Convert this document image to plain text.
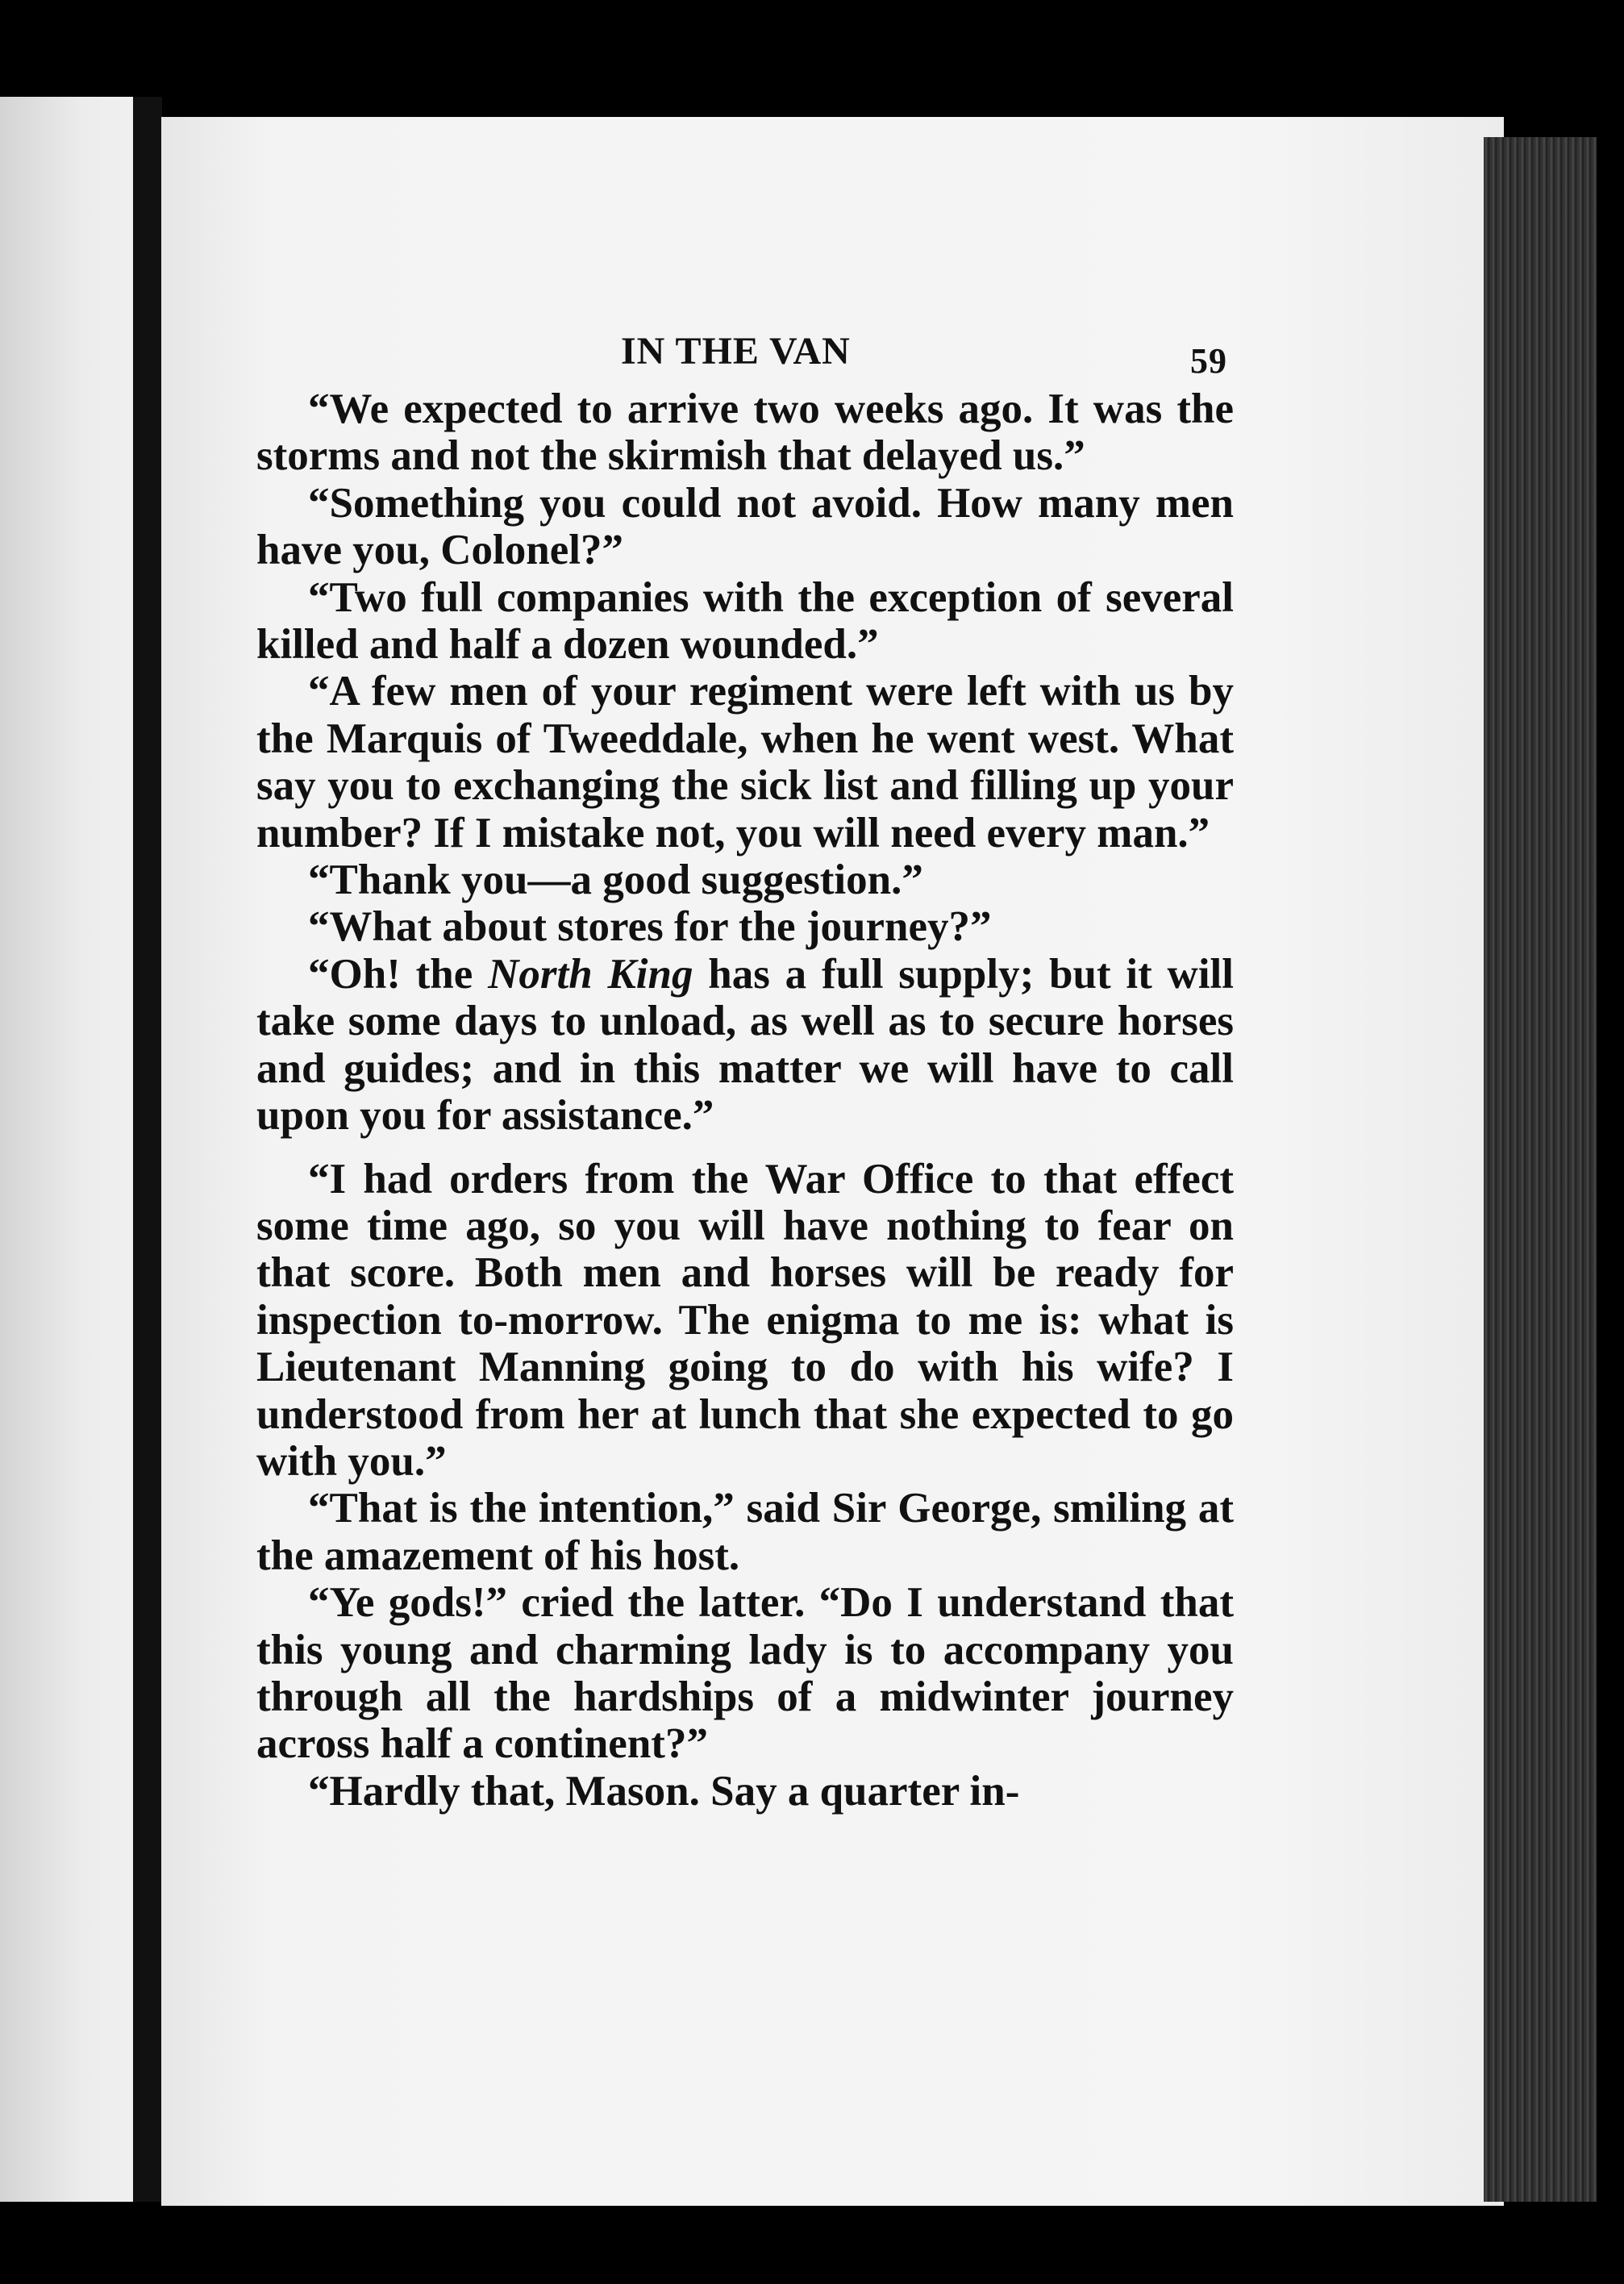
IN THE VAN	59

“We expected to arrive two weeks ago. It was the storms and not the skirmish that delayed us.”

“Something you could not avoid. How many men have you, Colonel?”

“Two full companies with the exception of several killed and half a dozen wounded.”

“A few men of your regiment were left with us by the Marquis of Tweeddale, when he went west. What say you to exchanging the sick list and filling up your number? If I mistake not, you will need every man.”

“Thank you—a good suggestion.”

“What about stores for the journey?”

“Oh! the North King has a full supply; but it will take some days to unload, as well as to secure horses and guides; and in this matter we will have to call upon you for assistance.”

“I had orders from the War Office to that effect some time ago, so you will have nothing to fear on that score. Both men and horses will be ready for inspection to-morrow. The enigma to me is: what is Lieutenant Manning going to do with his wife? I understood from her at lunch that she expected to go with you.”

“That is the intention,” said Sir George, smiling at the amazement of his host.

“Ye gods!” cried the latter. “Do I understand that this young and charming lady is to accompany you through all the hardships of a midwinter journey across half a continent?”

“Hardly that, Mason. Say a quarter in-
